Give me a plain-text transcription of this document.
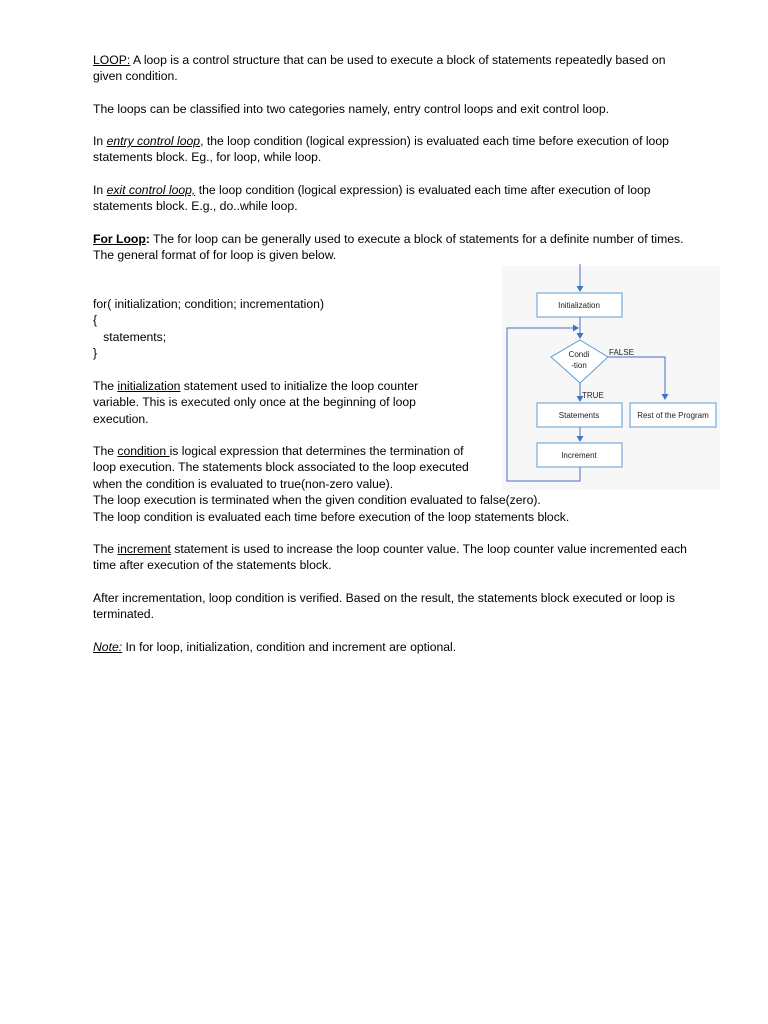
LOOP: A loop is a control structure that can be used to execute a block of statements repeatedly based on given condition.

The loops can be classified into two categories namely, entry control loops and exit control loop.

In entry control loop, the loop condition (logical expression) is evaluated each time before execution of loop statements block. Eg., for loop, while loop.

In exit control loop, the loop condition (logical expression) is evaluated each time after execution of loop statements block. E.g., do..while loop.

For Loop: The for loop can be generally used to execute a block of statements for a definite number of times.
The general format of for loop is given below.

for( initialization; condition; incrementation)
{
statements;
}

The initialization statement used to initialize the loop counter variable. This is executed only once at the beginning of loop execution.

The condition is logical expression that determines the termination of loop execution. The statements block associated to the loop executed when the condition is evaluated to true(non-zero value).
The loop execution is terminated when the given condition evaluated to false(zero).
The loop condition is evaluated each time before execution of the loop statements block.

The increment statement is used to increase the loop counter value. The loop counter value incremented each time after execution of the statements block.

After incrementation, loop condition is verified. Based on the result, the statements block executed or loop is terminated.

Note: In for loop, initialization, condition and increment are optional.

Initialization
Condi
-tion
FALSE
TRUE
Statements	Rest of the Program
Increment
